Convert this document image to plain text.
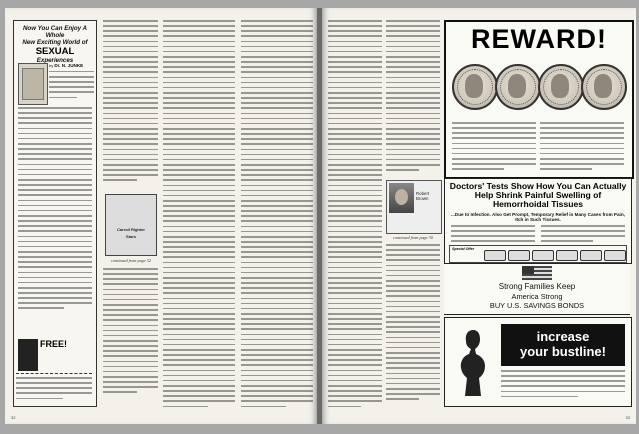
Now You Can Enjoy A Whole
New Exciting World of
SEXUAL
Experiences
by Dr. N. JUNKE
FREE!
Carroll Righter
Stars
continued from page 32
32
Robert Brown
continued from page 30
REWARD!
Doctors' Tests Show How You Can Actually Help Shrink Painful Swelling of Hemorrhoidal Tissues
...Due to Infection. Also Get Prompt, Temporary Relief in Many Cases from Pain, Itch in Such Tissues.
Special Offer
Strong Families Keep
America Strong
BUY U.S. SAVINGS BONDS
increase
your bustline!
33
